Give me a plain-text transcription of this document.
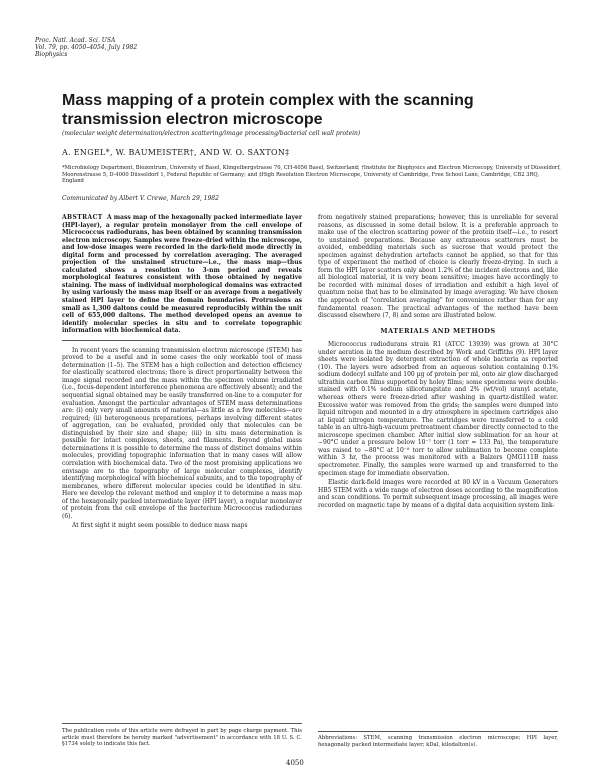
Proc. Natl. Acad. Sci. USA
Vol. 79, pp. 4050–4054, July 1982
Biophysics
Mass mapping of a protein complex with the scanning transmission electron microscope
(molecular weight determination/electron scattering/image processing/bacterial cell wall protein)
A. ENGEL*, W. BAUMEISTER†, AND W. O. SAXTON‡
*Microbiology Department, Biozentrum, University of Basel, Klingelbergstrasse 70, CH-4056 Basel, Switzerland; †Institute for Biophysics and Electron Microscopy, University of Düsseldorf, Moorenstrasse 5, D-4000 Düsseldorf 1, Federal Republic of Germany; and ‡High Resolution Electron Microscope, University of Cambridge, Free School Lane, Cambridge, CB2 3RQ, England
Communicated by Albert V. Crewe, March 29, 1982

ABSTRACT A mass map of the hexagonally packed intermediate layer (HPI-layer), a regular protein monolayer from the cell envelope of Micrococcus radiodurans, has been obtained by scanning transmission electron microscopy. Samples were freeze-dried within the microscope, and low-dose images were recorded in the dark-field mode directly in digital form and processed by correlation averaging. The averaged projection of the unstained structure—i.e., the mass map—thus calculated shows a resolution to 3-nm period and reveals morphological features consistent with those obtained by negative staining. The mass of individual morphological domains was extracted by using variously the mass map itself or an average from a negatively stained HPI layer to define the domain boundaries. Protrusions as small as 1,300 daltons could be measured reproducibly within the unit cell of 655,000 daltons. The method developed opens an avenue to identify molecular species in situ and to correlate topographic information with biochemical data.

In recent years the scanning transmission electron microscope (STEM) has proved to be a useful and in some cases the only workable tool of mass determination (1–5). The STEM has a high collection and detection efficiency for elastically scattered electrons; there is direct proportionality between the image signal recorded and the mass within the specimen volume irradiated (i.e., focus-dependent interference phenomena are effectively absent); and the sequential signal obtained may be easily transferred on-line to a computer for evaluation. Amongst the particular advantages of STEM mass determinations are: (i) only very small amounts of material—as little as a few molecules—are required; (ii) heterogeneous preparations, perhaps involving different states of aggregation, can be evaluated, provided only that molecules can be distinguished by their size and shape; (iii) in situ mass determination is possible for intact complexes, sheets, and filaments. Beyond global mass determinations it is possible to determine the mass of distinct domains within molecules, providing topographic information that in many cases will allow correlation with biochemical data. Two of the most promising applications we envisage are to the topography of large molecular complexes, identify identifying morphological with biochemical subunits, and to the topography of membranes, where different molecular species could be identified in situ. Here we develop the relevant method and employ it to determine a mass map of the hexagonally packed intermediate layer (HPI layer), a regular monolayer of protein from the cell envelope of the bacterium Micrococcus radiodurans (6).

At first sight it might seem possible to deduce mass maps

from negatively stained preparations; however, this is unreliable for several reasons, as discussed in some detail below. It is a preferable approach to make use of the electron scattering power of the protein itself—i.e., to resort to unstained preparations. Because any extraneous scatterers must be avoided, embedding materials such as sucrose that would protect the specimen against dehydration artefacts cannot be applied, so that for this type of experiment the method of choice is clearly freeze-drying. In such a form the HPI layer scatters only about 1.2% of the incident electrons and, like all biological material, it is very beam sensitive; images have accordingly to be recorded with minimal doses of irradiation and exhibit a high level of quantum noise that has to be eliminated by image averaging. We have chosen the approach of "correlation averaging" for convenience rather than for any fundamental reason. The practical advantages of the method have been discussed elsewhere (7, 8) and some are illustrated below.

MATERIALS AND METHODS

Micrococcus radiodurans strain R1 (ATCC 13939) was grown at 30°C under aeration in the medium described by Work and Griffiths (9). HPI layer sheets were isolated by detergent extraction of whole bacteria as reported (10). The layers were adsorbed from an aqueous solution containing 0.1% sodium dodecyl sulfate and 100 µg of protein per ml, onto air glow discharged ultrathin carbon films supported by holey films; some specimens were double-stained with 0.1% sodium silicotungstate and 2% (wt/vol) uranyl acetate, whereas others were freeze-dried after washing in quartz-distilled water. Excessive water was removed from the grids; the samples were dumped into liquid nitrogen and mounted in a dry atmosphere in specimen cartridges also at liquid nitrogen temperature. The cartridges were transferred to a cold table in an ultra-high-vacuum pretreatment chamber directly connected to the microscope specimen chamber. After initial slow sublimation for an hour at −90°C under a pressure below 10⁻⁷ torr (1 torr = 133 Pa), the temperature was raised to −80°C at 10⁻⁸ torr to allow sublimation to become complete within 3 hr, the process was monitored with a Balzers QMG111B mass spectrometer. Finally, the samples were warmed up and transferred to the specimen stage for immediate observation.

Elastic dark-field images were recorded at 80 kV in a Vacuum Generators HB5 STEM with a wide range of electron doses according to the magnification and scan conditions. To permit subsequent image processing, all images were recorded on magnetic tape by means of a digital data acquisition system link-

The publication costs of this article were defrayed in part by page charge payment. This article must therefore be hereby marked "advertisement" in accordance with 18 U. S. C. §1734 solely to indicate this fact.
Abbreviations: STEM, scanning transmission electron microscope; HPI layer, hexagonally packed intermediate layer; kDal, kilodalton(s).
4050
